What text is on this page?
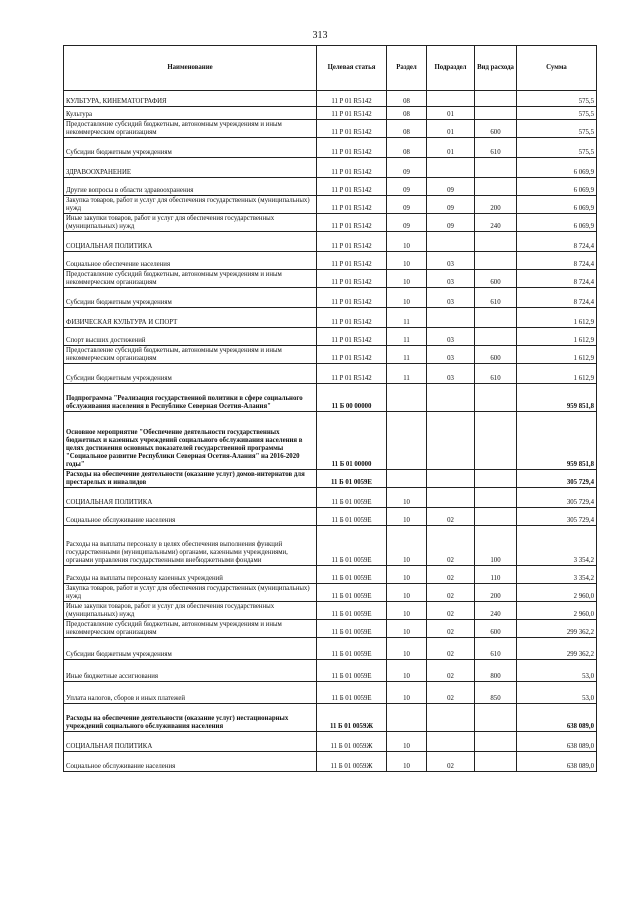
313
Наименование	Целевая статья	Раздел	Подраздел	Вид расхода	Сумма
КУЛЬТУРА, КИНЕМАТОГРАФИЯ	11 Р 01 R5142	08			575,5
Культура	11 Р 01 R5142	08	01		575,5
Предоставление субсидий бюджетным, автономным учреждениям и иным некоммерческим организациям	11 Р 01 R5142	08	01	600	575,5
Субсидии бюджетным учреждениям	11 Р 01 R5142	08	01	610	575,5
ЗДРАВООХРАНЕНИЕ	11 Р 01 R5142	09			6 069,9
Другие вопросы в области здравоохранения	11 Р 01 R5142	09	09		6 069,9
Закупка товаров, работ и услуг для обеспечения государственных (муниципальных) нужд	11 Р 01 R5142	09	09	200	6 069,9
Иные закупки товаров, работ и услуг для обеспечения государственных (муниципальных) нужд	11 Р 01 R5142	09	09	240	6 069,9
СОЦИАЛЬНАЯ ПОЛИТИКА	11 Р 01 R5142	10			8 724,4
Социальное обеспечение населения	11 Р 01 R5142	10	03		8 724,4
Предоставление субсидий бюджетным, автономным учреждениям и иным некоммерческим организациям	11 Р 01 R5142	10	03	600	8 724,4
Субсидии бюджетным учреждениям	11 Р 01 R5142	10	03	610	8 724,4
ФИЗИЧЕСКАЯ КУЛЬТУРА И СПОРТ	11 Р 01 R5142	11			1 612,9
Спорт высших достижений	11 Р 01 R5142	11	03		1 612,9
Предоставление субсидий бюджетным, автономным учреждениям и иным некоммерческим организациям	11 Р 01 R5142	11	03	600	1 612,9
Субсидии бюджетным учреждениям	11 Р 01 R5142	11	03	610	1 612,9
Подпрограмма "Реализация государственной политики в сфере социального обслуживания населения в Республике Северная Осетия-Алания"	11 Б 00 00000				959 851,8
Основное мероприятие "Обеспечение деятельности государственных бюджетных и казенных учреждений социального обслуживания населения в целях достижения основных показателей государственной программы "Социальное развитие Республики Северная Осетия-Алания" на 2016-2020 годы"	11 Б 01 00000				959 851,8
Расходы на обеспечение деятельности (оказание услуг) домов-интернатов для престарелых и инвалидов	11 Б 01 0059Е				305 729,4
СОЦИАЛЬНАЯ ПОЛИТИКА	11 Б 01 0059Е	10			305 729,4
Социальное обслуживание населения	11 Б 01 0059Е	10	02		305 729,4
Расходы на выплаты персоналу в целях обеспечения выполнения функций государственными (муниципальными) органами, казенными учреждениями, органами управления государственными внебюджетными фондами	11 Б 01 0059Е	10	02	100	3 354,2
Расходы на выплаты персоналу казенных учреждений	11 Б 01 0059Е	10	02	110	3 354,2
Закупка товаров, работ и услуг для обеспечения государственных (муниципальных) нужд	11 Б 01 0059Е	10	02	200	2 960,0
Иные закупки товаров, работ и услуг для обеспечения государственных (муниципальных) нужд	11 Б 01 0059Е	10	02	240	2 960,0
Предоставление субсидий бюджетным, автономным учреждениям и иным некоммерческим организациям	11 Б 01 0059Е	10	02	600	299 362,2
Субсидии бюджетным учреждениям	11 Б 01 0059Е	10	02	610	299 362,2
Иные бюджетные ассигнования	11 Б 01 0059Е	10	02	800	53,0
Уплата налогов, сборов и иных платежей	11 Б 01 0059Е	10	02	850	53,0
Расходы на обеспечение деятельности (оказание услуг) нестационарных учреждений социального обслуживания населения	11 Б 01 0059Ж				638 089,0
СОЦИАЛЬНАЯ ПОЛИТИКА	11 Б 01 0059Ж	10			638 089,0
Социальное обслуживание населения	11 Б 01 0059Ж	10	02		638 089,0
